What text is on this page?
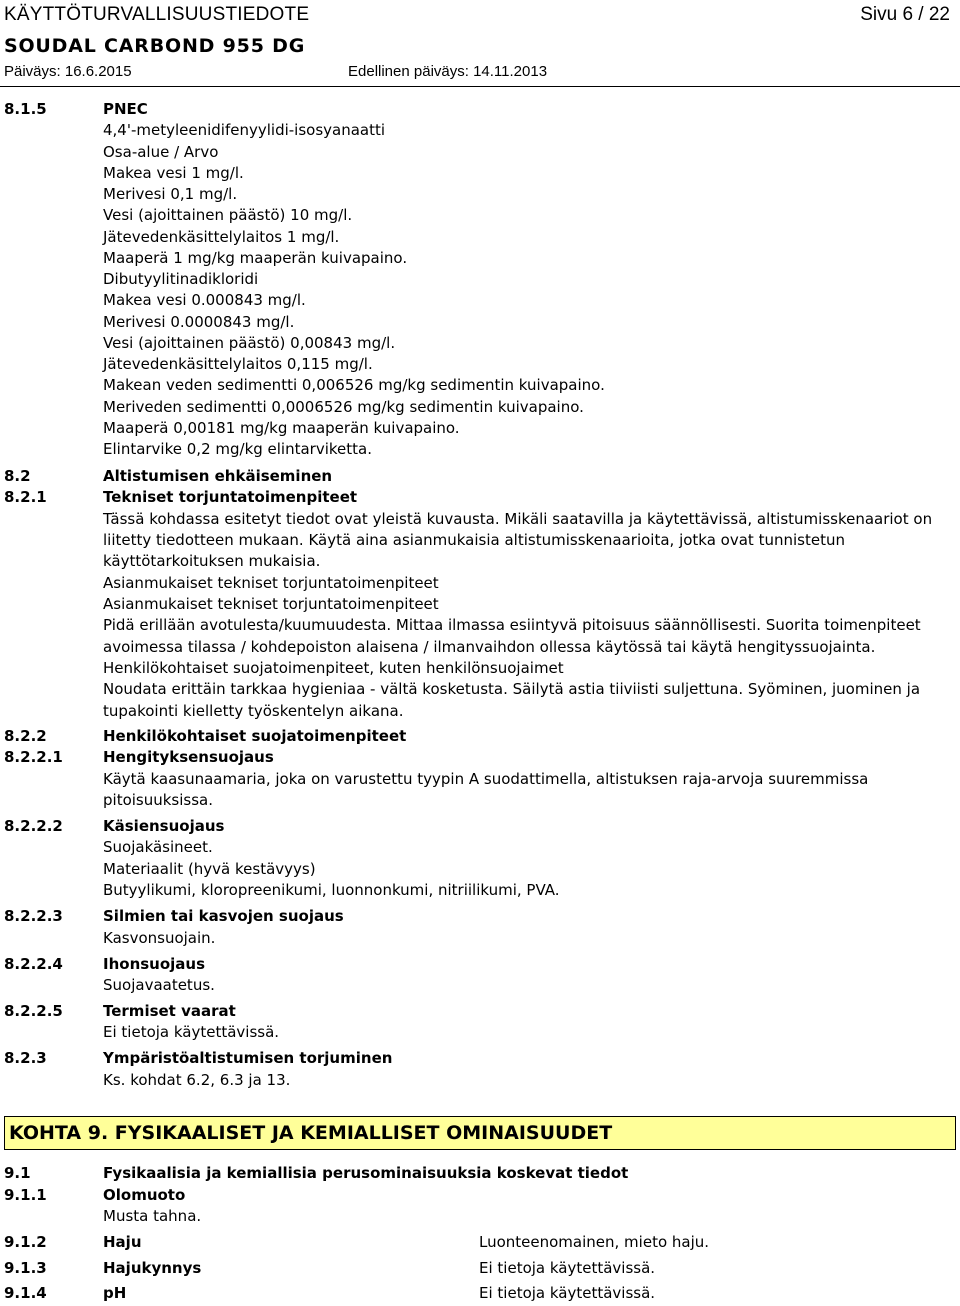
KÄYTTÖTURVALLISUUSTIEDOTE	Sivu 6 / 22
SOUDAL CARBOND 955 DG
Päiväys: 16.6.2015	Edellinen päiväys: 14.11.2013
8.1.5	PNEC
4,4'-metyleenidifenyylidi-isosyanaatti
Osa-alue / Arvo
Makea vesi 1 mg/l.
Merivesi 0,1 mg/l.
Vesi (ajoittainen päästö) 10 mg/l.
Jätevedenkäsittelylaitos 1 mg/l.
Maaperä 1 mg/kg maaperän kuivapaino.
Dibutyylitinadikloridi
Makea vesi 0.000843 mg/l.
Merivesi 0.0000843 mg/l.
Vesi (ajoittainen päästö) 0,00843 mg/l.
Jätevedenkäsittelylaitos 0,115 mg/l.
Makean veden sedimentti 0,006526 mg/kg sedimentin kuivapaino.
Meriveden sedimentti 0,0006526 mg/kg sedimentin kuivapaino.
Maaperä 0,00181 mg/kg maaperän kuivapaino.
Elintarvike 0,2 mg/kg elintarviketta.
8.2	Altistumisen ehkäiseminen
8.2.1	Tekniset torjuntatoimenpiteet
Tässä kohdassa esitetyt tiedot ovat yleistä kuvausta. Mikäli saatavilla ja käytettävissä, altistumisskenaariot on
liitetty tiedotteen mukaan. Käytä aina asianmukaisia altistumisskenaarioita, jotka ovat tunnistetun
käyttötarkoituksen mukaisia.
Asianmukaiset tekniset torjuntatoimenpiteet
Asianmukaiset tekniset torjuntatoimenpiteet
Pidä erillään avotulesta/kuumuudesta. Mittaa ilmassa esiintyvä pitoisuus säännöllisesti. Suorita toimenpiteet
avoimessa tilassa / kohdepoiston alaisena / ilmanvaihdon ollessa käytössä tai käytä hengityssuojainta.
Henkilökohtaiset suojatoimenpiteet, kuten henkilönsuojaimet
Noudata erittäin tarkkaa hygieniaa - vältä kosketusta. Säilytä astia tiiviisti suljettuna. Syöminen, juominen ja
tupakointi kielletty työskentelyn aikana.
8.2.2	Henkilökohtaiset suojatoimenpiteet
8.2.2.1	Hengityksensuojaus
Käytä kaasunaamaria, joka on varustettu tyypin A suodattimella, altistuksen raja-arvoja suuremmissa
pitoisuuksissa.
8.2.2.2	Käsiensuojaus
Suojakäsineet.
Materiaalit (hyvä kestävyys)
Butyylikumi, kloropreenikumi, luonnonkumi, nitriilikumi, PVA.
8.2.2.3	Silmien tai kasvojen suojaus
Kasvonsuojain.
8.2.2.4	Ihonsuojaus
Suojavaatetus.
8.2.2.5	Termiset vaarat
Ei tietoja käytettävissä.
8.2.3	Ympäristöaltistumisen torjuminen
Ks. kohdat 6.2, 6.3 ja 13.
KOHTA 9. FYSIKAALISET JA KEMIALLISET OMINAISUUDET
9.1	Fysikaalisia ja kemiallisia perusominaisuuksia koskevat tiedot
9.1.1	Olomuoto
Musta tahna.
9.1.2	Haju	Luonteenomainen, mieto haju.
9.1.3	Hajukynnys	Ei tietoja käytettävissä.
9.1.4	pH	Ei tietoja käytettävissä.
